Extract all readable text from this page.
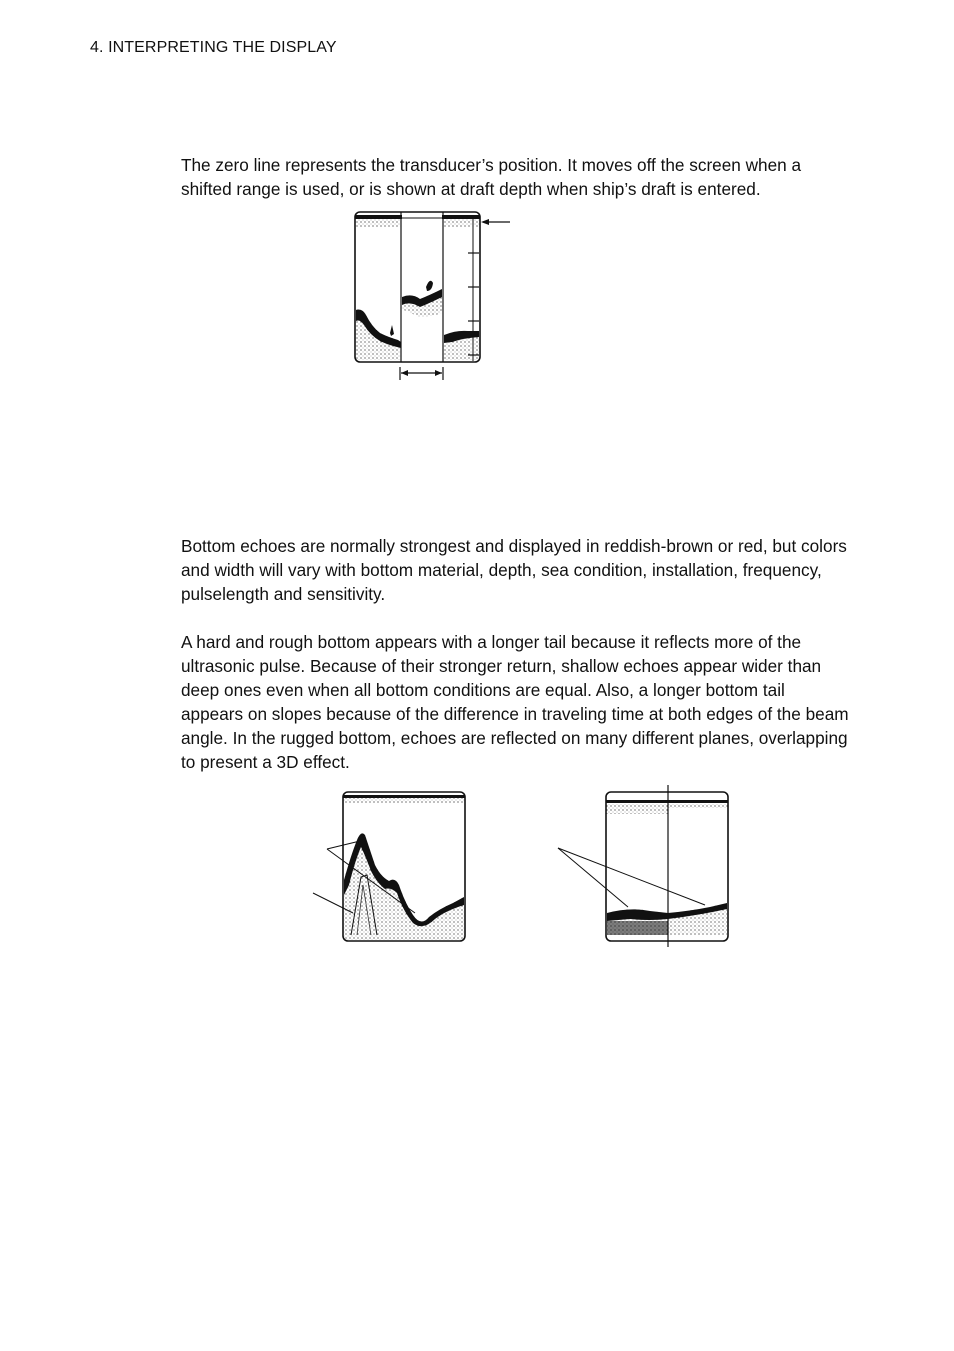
4. INTERPRETING THE DISPLAY

The zero line represents the transducer’s position. It moves off the screen when a shifted range is used, or is shown at draft depth when ship’s draft is entered.

Bottom echoes are normally strongest and displayed in reddish-brown or red, but colors and width will vary with bottom material, depth, sea condition, installation, frequency, pulselength and sensitivity.

A hard and rough bottom appears with a longer tail because it reflects more of the ultrasonic pulse. Because of their stronger return, shallow echoes appear wider than deep ones even when all bottom conditions are equal. Also, a longer bottom tail appears on slopes because of the difference in traveling time at both edges of the beam angle. In the rugged bottom, echoes are reflected on many different planes, overlapping to present a 3D effect.
